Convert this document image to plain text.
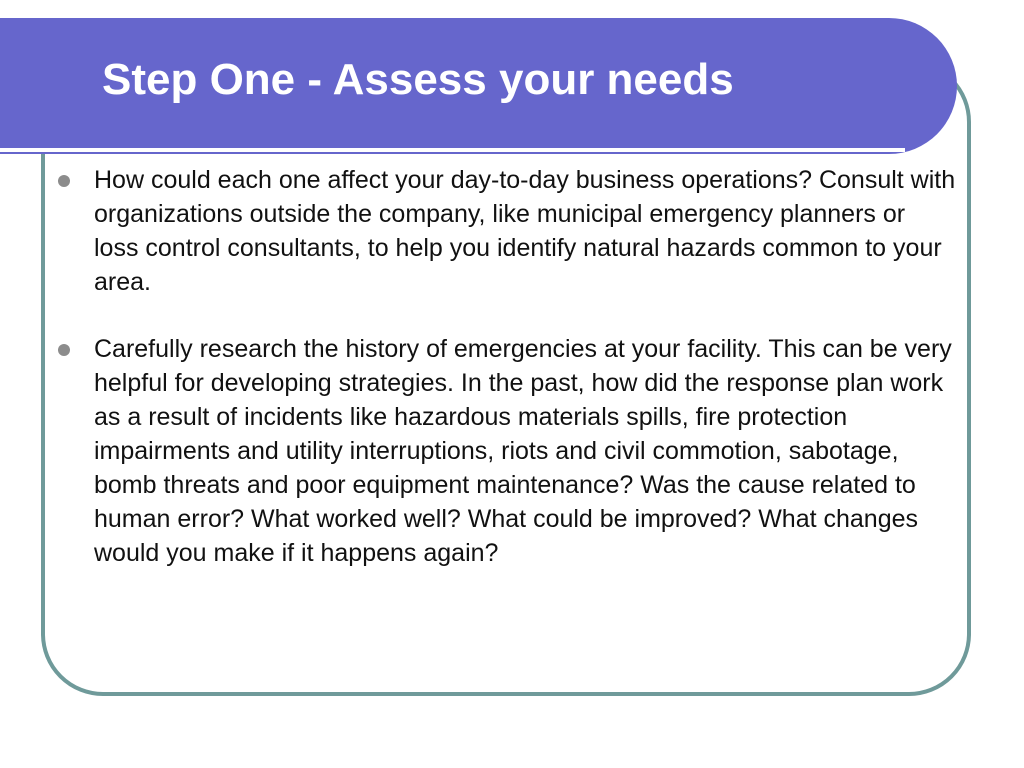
Step One - Assess your needs
How could each one affect your day-to-day business operations? Consult with organizations outside the company, like municipal emergency planners or loss control consultants, to help you identify natural hazards common to your area.
Carefully research the history of emergencies at your facility. This can be very helpful for developing strategies. In the past, how did the response plan work as a result of incidents like hazardous materials spills, fire protection impairments and utility interruptions, riots and civil commotion, sabotage, bomb threats and poor equipment maintenance? Was the cause related to human error? What worked well? What could be improved? What changes would you make if it happens again?
